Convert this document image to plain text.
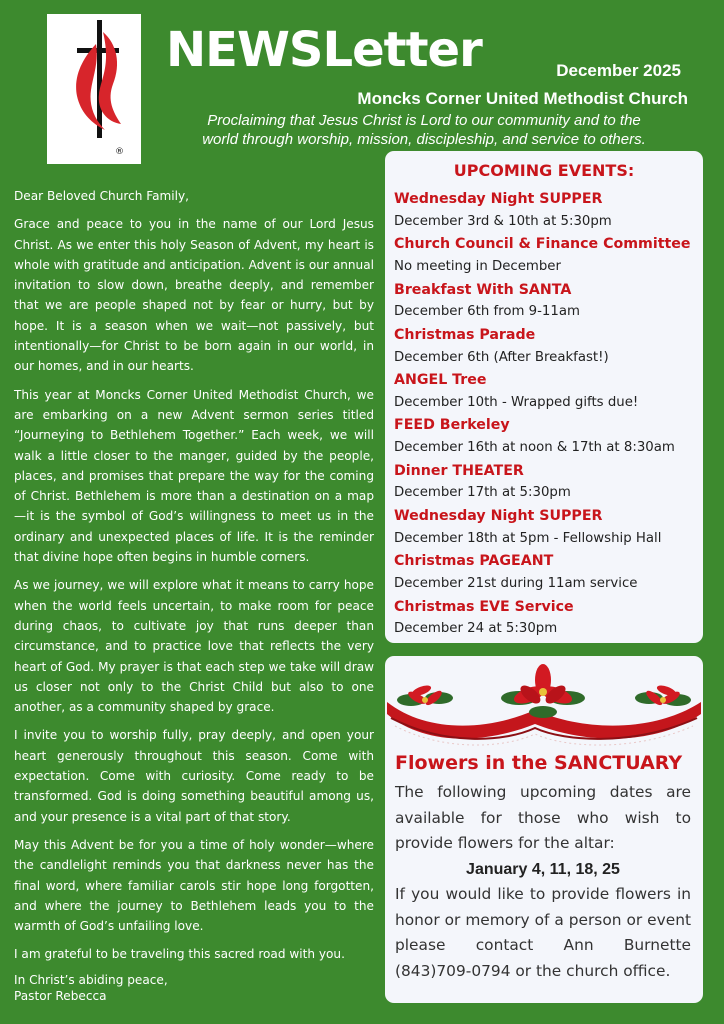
®
NEWSLetter	December 2025
Moncks Corner United Methodist Church
Proclaiming that Jesus Christ is Lord to our community and to the
world through worship, mission, discipleship, and service to others.

Dear Beloved Church Family,

Grace and peace to you in the name of our Lord Jesus Christ. As we enter this holy Season of Advent, my heart is whole with gratitude and anticipation. Advent is our annual invitation to slow down, breathe deeply, and remember that we are people shaped not by fear or hurry, but by hope. It is a season when we wait—not passively, but intentionally—for Christ to be born again in our world, in our homes, and in our hearts.

This year at Moncks Corner United Methodist Church, we are embarking on a new Advent sermon series titled “Journeying to Bethlehem Together.” Each week, we will walk a little closer to the manger, guided by the people, places, and promises that prepare the way for the coming of Christ. Bethlehem is more than a destination on a map—it is the symbol of God’s willingness to meet us in the ordinary and unexpected places of life. It is the reminder that divine hope often begins in humble corners.

As we journey, we will explore what it means to carry hope when the world feels uncertain, to make room for peace during chaos, to cultivate joy that runs deeper than circumstance, and to practice love that reflects the very heart of God. My prayer is that each step we take will draw us closer not only to the Christ Child but also to one another, as a community shaped by grace.

I invite you to worship fully, pray deeply, and open your heart generously throughout this season. Come with expectation. Come with curiosity. Come ready to be transformed. God is doing something beautiful among us, and your presence is a vital part of that story.

May this Advent be for you a time of holy wonder—where the candlelight reminds you that darkness never has the final word, where familiar carols stir hope long forgotten, and where the journey to Bethlehem leads you to the warmth of God’s unfailing love.

I am grateful to be traveling this sacred road with you.

In Christ’s abiding peace,
Pastor Rebecca
UPCOMING EVENTS:
Wednesday Night SUPPER
December 3rd & 10th at 5:30pm
Church Council & Finance Committee
No meeting in December
Breakfast With SANTA
December 6th from 9-11am
Christmas Parade
December 6th (After Breakfast!)
ANGEL Tree
December 10th - Wrapped gifts due!
FEED Berkeley
December 16th at noon & 17th at 8:30am
Dinner THEATER
December 17th at 5:30pm
Wednesday Night SUPPER
December 18th at 5pm - Fellowship Hall
Christmas PAGEANT
December 21st during 11am service
Christmas EVE Service
December 24 at 5:30pm
Flowers in the SANCTUARY
The following upcoming dates are available for those who wish to provide flowers for the altar:
January 4, 11, 18, 25
If you would like to provide flowers in honor or memory of a person or event please contact Ann Burnette (843)709-0794 or the church office.
